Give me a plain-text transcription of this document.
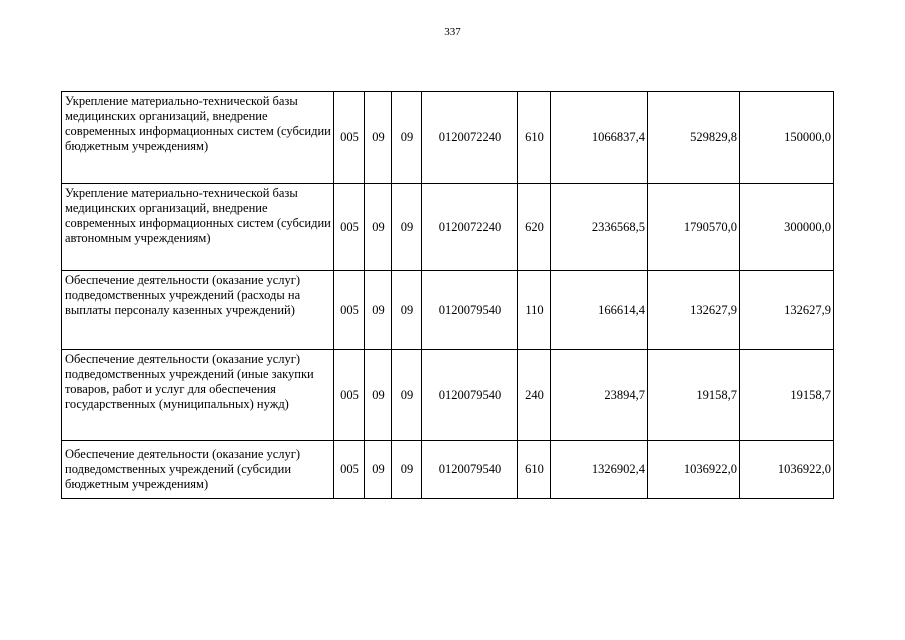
337
Укрепление материально-технической базы медицинских организаций, внедрение современных информационных систем (субсидии бюджетным учреждениям)	005	09	09	0120072240	610	1066837,4	529829,8	150000,0
Укрепление материально-технической базы медицинских организаций, внедрение современных информационных систем (субсидии автономным учреждениям)	005	09	09	0120072240	620	2336568,5	1790570,0	300000,0
Обеспечение деятельности (оказание услуг) подведомственных учреждений (расходы на выплаты персоналу казенных учреждений)	005	09	09	0120079540	110	166614,4	132627,9	132627,9
Обеспечение деятельности (оказание услуг) подведомственных учреждений (иные закупки товаров, работ и услуг для обеспечения государственных (муниципальных) нужд)	005	09	09	0120079540	240	23894,7	19158,7	19158,7
Обеспечение деятельности (оказание услуг) подведомственных учреждений (субсидии бюджетным учреждениям)	005	09	09	0120079540	610	1326902,4	1036922,0	1036922,0
